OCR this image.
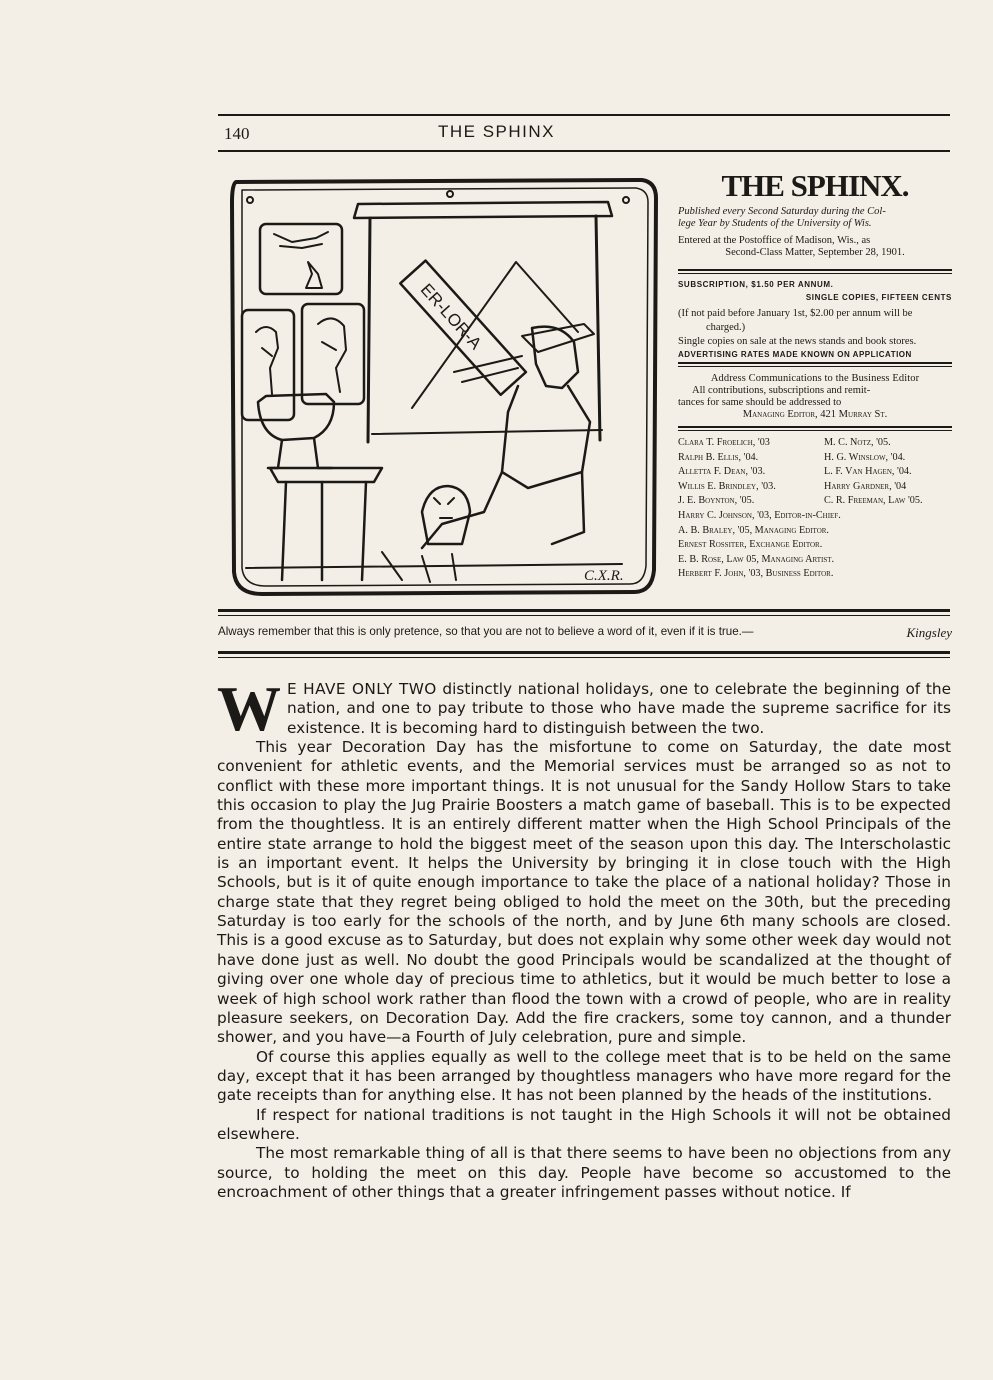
140	THE SPHINX
ER-LOR-A
C.X.R.
THE SPHINX.
Published every Second Saturday during the Col-
lege Year by Students of the University of Wis.
Entered at the Postoffice of Madison, Wis., as
Second-Class Matter, September 28, 1901.
SUBSCRIPTION, $1.50 PER ANNUM.
SINGLE COPIES, FIFTEEN CENTS
(If not paid before January 1st, $2.00 per annum will be charged.)
Single copies on sale at the news stands and book stores.
ADVERTISING RATES MADE KNOWN ON APPLICATION
Address Communications to the Business Editor
All contributions, subscriptions and remit-
tances for same should be addressed to
Managing Editor, 421 Murray St.
Clara T. Froelich, '03	M. C. Notz, '05.
Ralph B. Ellis, '04.	H. G. Winslow, '04.
Alletta F. Dean, '03.	L. F. Van Hagen, '04.
Willis E. Brindley, '03.	Harry Gardner, '04
J. E. Boynton, '05.	C. R. Freeman, Law '05.
Harry C. Johnson, '03, Editor-in-Chief.
A. B. Braley, '05, Managing Editor.
Ernest Rossiter, Exchange Editor.
E. B. Rose, Law 05, Managing Artist.
Herbert F. John, '03, Business Editor.
Kingsley
Always remember that this is only pretence, so that you are not to believe a word of it, even if it is true.—

WE HAVE ONLY TWO distinctly national holidays, one to celebrate the beginning of the nation, and one to pay tribute to those who have made the supreme sacrifice for its existence. It is becoming hard to distinguish between the two.

This year Decoration Day has the misfortune to come on Saturday, the date most convenient for athletic events, and the Memorial services must be arranged so as not to conflict with these more important things. It is not unusual for the Sandy Hollow Stars to take this occasion to play the Jug Prairie Boosters a match game of baseball. This is to be expected from the thoughtless. It is an entirely different matter when the High School Principals of the entire state arrange to hold the biggest meet of the season upon this day. The Interscholastic is an important event. It helps the University by bringing it in close touch with the High Schools, but is it of quite enough importance to take the place of a national holiday? Those in charge state that they regret being obliged to hold the meet on the 30th, but the preceding Saturday is too early for the schools of the north, and by June 6th many schools are closed. This is a good excuse as to Saturday, but does not explain why some other week day would not have done just as well. No doubt the good Principals would be scandalized at the thought of giving over one whole day of precious time to athletics, but it would be much better to lose a week of high school work rather than flood the town with a crowd of people, who are in reality pleasure seekers, on Decoration Day. Add the fire crackers, some toy cannon, and a thunder shower, and you have—a Fourth of July celebration, pure and simple.

Of course this applies equally as well to the college meet that is to be held on the same day, except that it has been arranged by thoughtless managers who have more regard for the gate receipts than for anything else. It has not been planned by the heads of the institutions.

If respect for national traditions is not taught in the High Schools it will not be obtained elsewhere.

The most remarkable thing of all is that there seems to have been no objections from any source, to holding the meet on this day. People have become so accustomed to the encroachment of other things that a greater infringement passes without notice. If
